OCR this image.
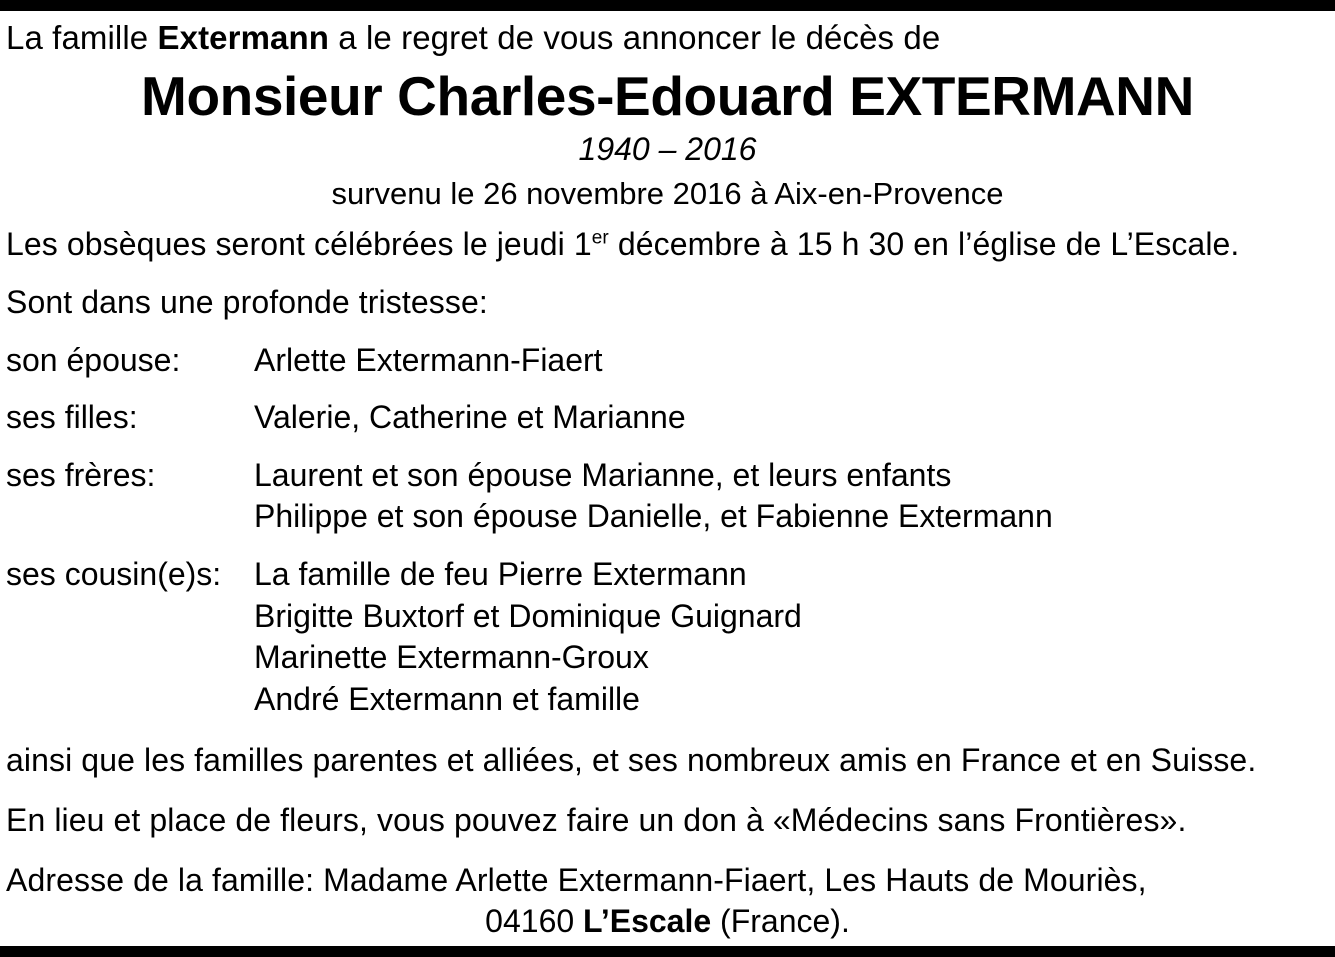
La famille Extermann a le regret de vous annoncer le décès de
Monsieur Charles-Edouard EXTERMANN
1940 – 2016
survenu le 26 novembre 2016 à Aix-en-Provence
Les obsèques seront célébrées le jeudi 1er décembre à 15 h 30 en l’église de L’Escale.
Sont dans une profonde tristesse:
son épouse:	Arlette Extermann-Fiaert

ses filles:	Valerie, Catherine et Marianne

ses frères:	Laurent et son épouse Marianne, et leurs enfants
Philippe et son épouse Danielle, et Fabienne Extermann

ses cousin(e)s:	La famille de feu Pierre Extermann
Brigitte Buxtorf et Dominique Guignard
Marinette Extermann-Groux
André Extermann et famille
ainsi que les familles parentes et alliées, et ses nombreux amis en France et en Suisse.
En lieu et place de fleurs, vous pouvez faire un don à «Médecins sans Frontières».
Adresse de la famille: Madame Arlette Extermann-Fiaert, Les Hauts de Mouriès,
04160 L’Escale (France).
